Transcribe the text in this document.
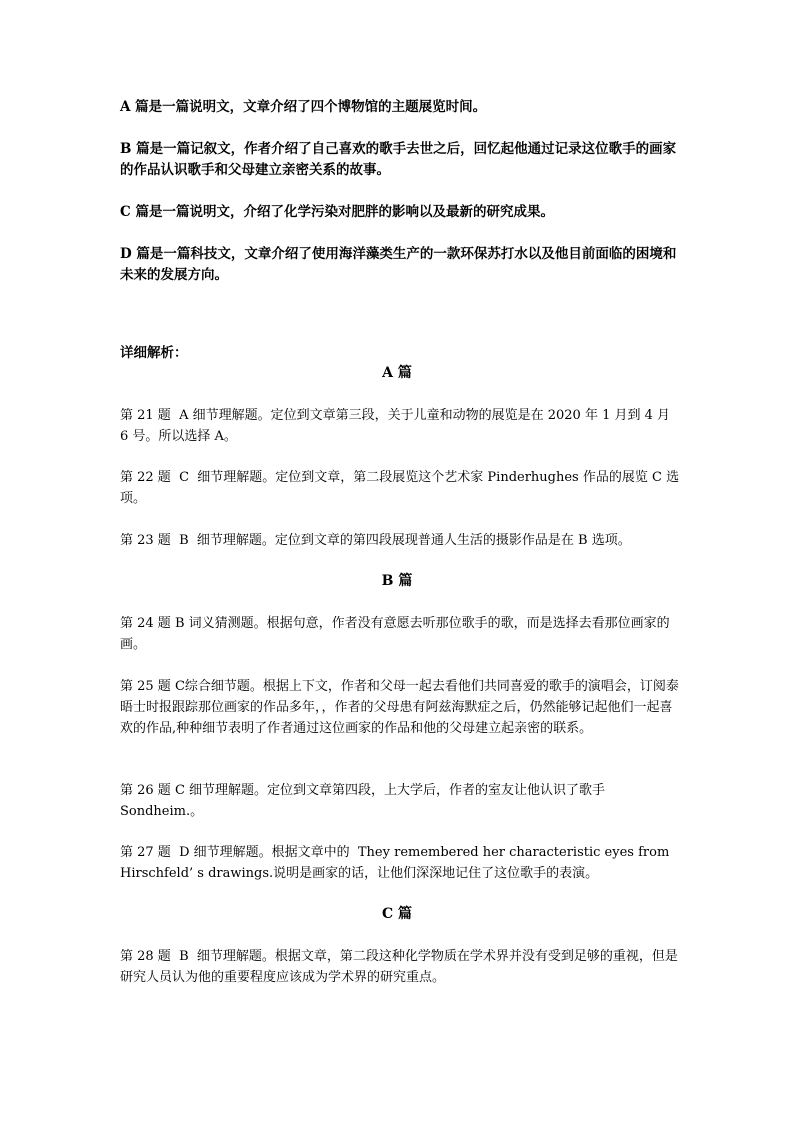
A 篇是一篇说明文，文章介绍了四个博物馆的主题展览时间。

B 篇是一篇记叙文，作者介绍了自己喜欢的歌手去世之后，回忆起他通过记录这位歌手的画家的作品认识歌手和父母建立亲密关系的故事。

C 篇是一篇说明文，介绍了化学污染对肥胖的影响以及最新的研究成果。

D 篇是一篇科技文，文章介绍了使用海洋藻类生产的一款环保苏打水以及他目前面临的困境和未来的发展方向。

详细解析：

A 篇

第 21 题  A 细节理解题。定位到文章第三段，关于儿童和动物的展览是在 2020 年 1 月到 4 月 6 号。所以选择 A。

第 22 题  C  细节理解题。定位到文章，第二段展览这个艺术家 Pinderhughes 作品的展览 C 选项。

第 23 题  B  细节理解题。定位到文章的第四段展现普通人生活的摄影作品是在 B 选项。

B 篇

第 24 题 B 词义猜测题。根据句意，作者没有意愿去听那位歌手的歌，而是选择去看那位画家的画。

第 25 题 C综合细节题。根据上下文，作者和父母一起去看他们共同喜爱的歌手的演唱会，订阅泰晤士时报跟踪那位画家的作品多年，，作者的父母患有阿兹海默症之后，仍然能够记起他们一起喜欢的作品,种种细节表明了作者通过这位画家的作品和他的父母建立起亲密的联系。

第 26 题 C 细节理解题。定位到文章第四段，上大学后，作者的室友让他认识了歌手 Sondheim.。

第 27 题  D 细节理解题。根据文章中的  They remembered her characteristic eyes from Hirschfeld’ s drawings.说明是画家的话，让他们深深地记住了这位歌手的表演。

C 篇

第 28 题  B  细节理解题。根据文章，第二段这种化学物质在学术界并没有受到足够的重视，但是研究人员认为他的重要程度应该成为学术界的研究重点。
